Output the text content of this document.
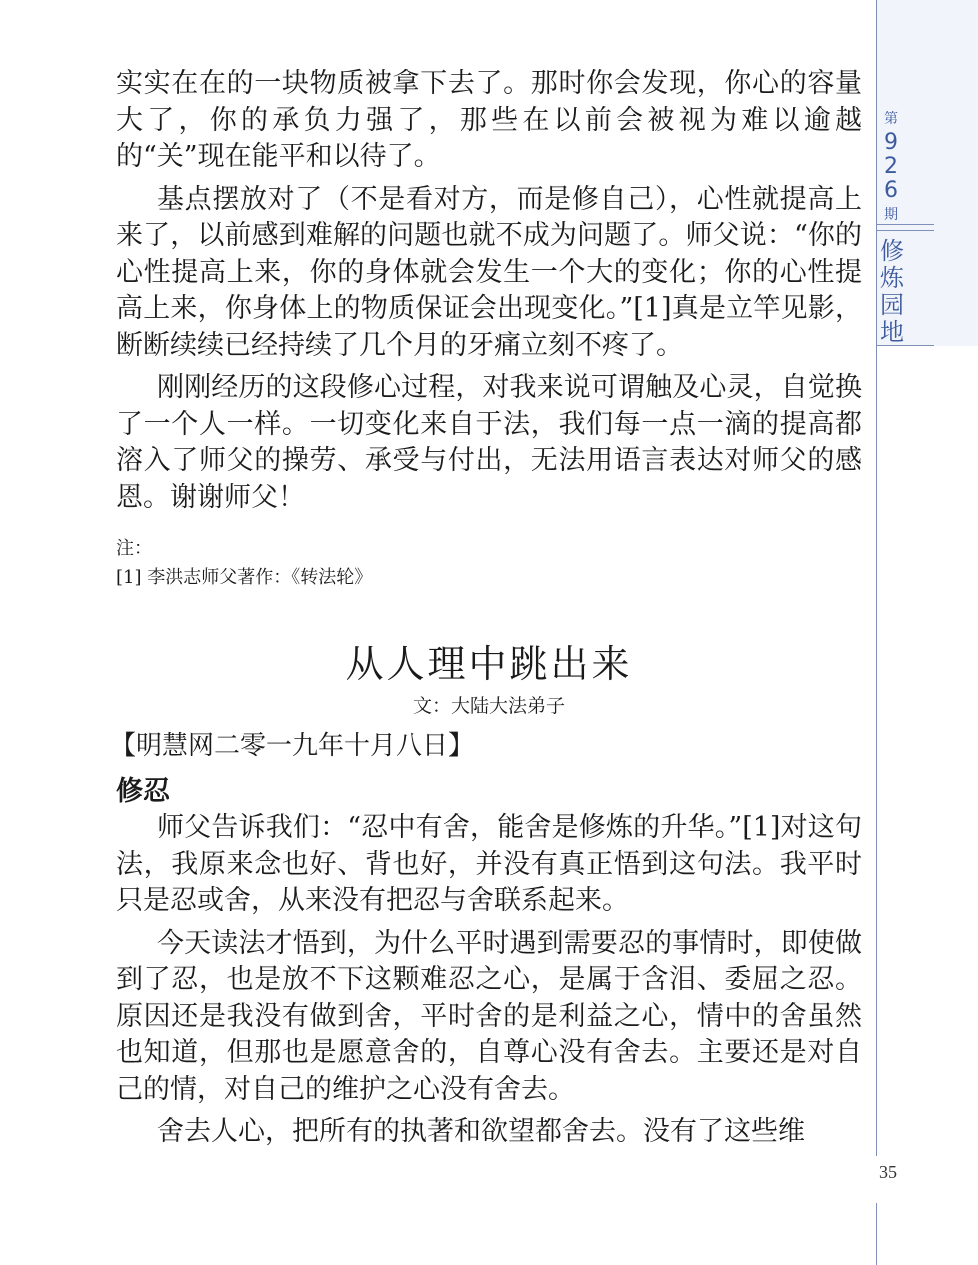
第
9
2
6
期
修
炼
园
地
35

实实在在的一块物质被拿下去了。那时你会发现，你心的容量大了，你的承负力强了，那些在以前会被视为难以逾越的“关”现在能平和以待了。

基点摆放对了（不是看对方，而是修自己），心性就提高上来了，以前感到难解的问题也就不成为问题了。师父说：“你的心性提高上来，你的身体就会发生一个大的变化；你的心性提高上来，你身体上的物质保证会出现变化。”[1]真是立竿见影，断断续续已经持续了几个月的牙痛立刻不疼了。

刚刚经历的这段修心过程，对我来说可谓触及心灵，自觉换了一个人一样。一切变化来自于法，我们每一点一滴的提高都溶入了师父的操劳、承受与付出，无法用语言表达对师父的感恩。谢谢师父！

注：
[1] 李洪志师父著作：《转法轮》
从人理中跳出来
文：大陆大法弟子
【明慧网二零一九年十月八日】
修忍

师父告诉我们：“忍中有舍，能舍是修炼的升华。”[1]对这句法，我原来念也好、背也好，并没有真正悟到这句法。我平时只是忍或舍，从来没有把忍与舍联系起来。

今天读法才悟到，为什么平时遇到需要忍的事情时，即使做到了忍，也是放不下这颗难忍之心，是属于含泪、委屈之忍。原因还是我没有做到舍，平时舍的是利益之心，情中的舍虽然也知道，但那也是愿意舍的，自尊心没有舍去。主要还是对自己的情，对自己的维护之心没有舍去。

舍去人心，把所有的执著和欲望都舍去。没有了这些维
